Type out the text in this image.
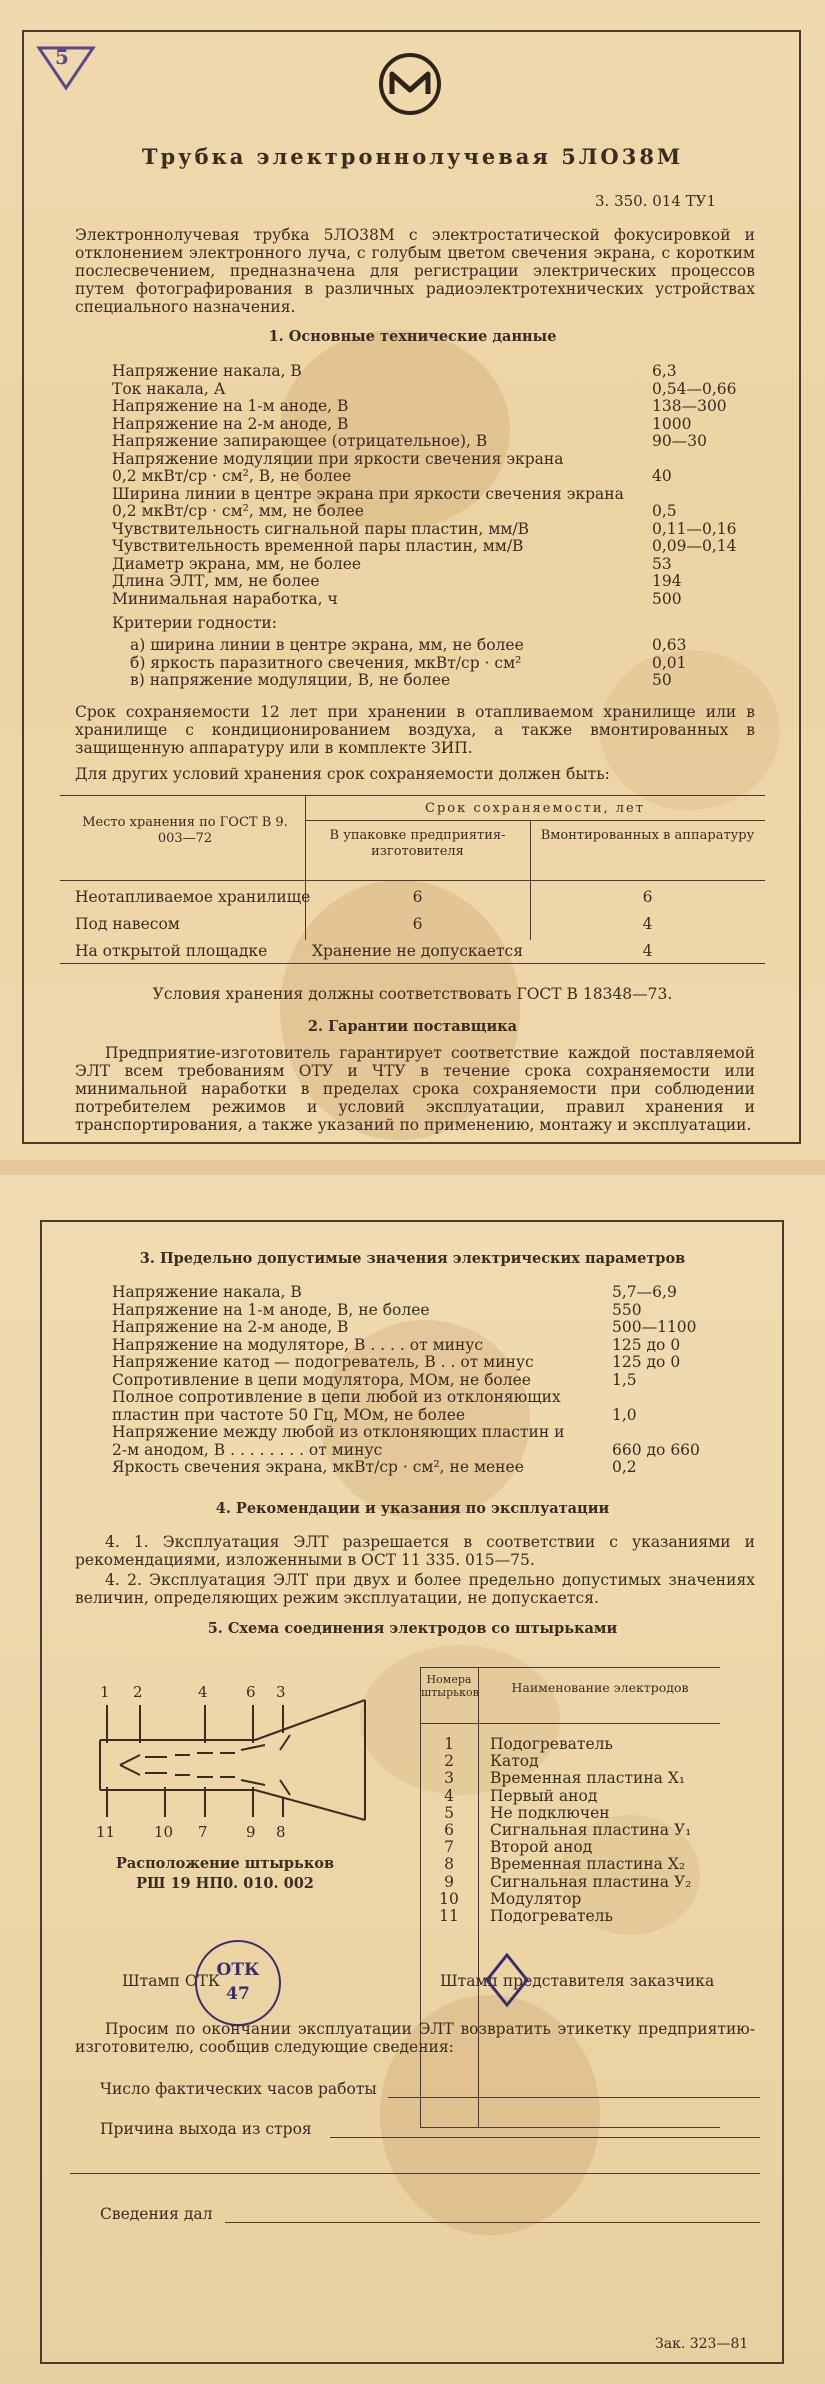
5
Трубка электроннолучевая 5ЛО38М
3. 350. 014 ТУ1
Электроннолучевая трубка 5ЛО38М с электростатической фокусировкой и отклонением электронного луча, с голубым цветом свечения экрана, с коротким послесвечением, предназначена для регистрации электрических процессов путем фотографирования в различных радиоэлектротехнических устройствах специального назначения.
1. Основные технические данные
Напряжение накала, В	6,3
Ток накала, А	0,54—0,66
Напряжение на 1-м аноде, В	138—300
Напряжение на 2-м аноде, В	1000
Напряжение запирающее (отрицательное), В	90—30
Напряжение модуляции при яркости свечения экрана
0,2 мкВт/ср · см², В, не более	40
Ширина линии в центре экрана при яркости свечения экрана
0,2 мкВт/ср · см², мм, не более	0,5
Чувствительность сигнальной пары пластин, мм/В	0,11—0,16
Чувствительность временной пары пластин, мм/В	0,09—0,14
Диаметр экрана, мм, не более	53
Длина ЭЛТ, мм, не более	194
Минимальная наработка, ч	500
Критерии годности:
а) ширина линии в центре экрана, мм, не более	0,63
б) яркость паразитного свечения, мкВт/ср · см²	0,01
в) напряжение модуляции, В, не более	50
Срок сохраняемости 12 лет при хранении в отапливаемом хранилище или в хранилище с кондиционированием воздуха, а также вмонтированных в защищенную аппаратуру или в комплекте ЗИП.
Для других условий хранения срок сохраняемости должен быть:
Место хранения по ГОСТ В 9. 003—72
Срок сохраняемости, лет
В упаковке предприятия-изготовителя
Вмонтированных в аппаратуру
Неотапливаемое хранилище	6	6
Под навесом	6	4
На открытой площадке	Хранение не допускается	4
Условия хранения должны соответствовать ГОСТ В 18348—73.
2. Гарантии поставщика
Предприятие-изготовитель гарантирует соответствие каждой поставляемой ЭЛТ всем требованиям ОТУ и ЧТУ в течение срока сохраняемости или минимальной наработки в пределах срока сохраняемости при соблюдении потребителем режимов и условий эксплуатации, правил хранения и транспортирования, а также указаний по применению, монтажу и эксплуатации.
3. Предельно допустимые значения электрических параметров
Напряжение накала, В	5,7—6,9
Напряжение на 1-м аноде, В, не более	550
Напряжение на 2-м аноде, В	500—1100
Напряжение на модуляторе, В . . . . от минус	125 до 0
Напряжение катод — подогреватель, В . . от минус	125 до 0
Сопротивление в цепи модулятора, МОм, не более	1,5
Полное сопротивление в цепи любой из отклоняющих
пластин при частоте 50 Гц, МОм, не более	1,0
Напряжение между любой из отклоняющих пластин и
2-м анодом, В . . . . . . . . от минус	660 до 660
Яркость свечения экрана, мкВт/ср · см², не менее	0,2
4. Рекомендации и указания по эксплуатации
4. 1. Эксплуатация ЭЛТ разрешается в соответствии с указаниями и рекомендациями, изложенными в ОСТ 11 335. 015—75.
4. 2. Эксплуатация ЭЛТ при двух и более предельно допустимых значениях величин, определяющих режим эксплуатации, не допускается.
5. Схема соединения электродов со штырьками
1 2	4	6 3
11	10 7	9 8
Расположение штырьков
РШ 19 НП0. 010. 002
Номера штырьков	Наименование электродов
1	Подогреватель
2	Катод
3	Временная пластина Х₁
4	Первый анод
5	Не подключен
6	Сигнальная пластина У₁
7	Второй анод
8	Временная пластина Х₂
9	Сигнальная пластина У₂
10	Модулятор
11	Подогреватель
Штамп ОТК	Штамп представителя заказчика
ОТК
47
Просим по окончании эксплуатации ЭЛТ возвратить этикетку предприятию-изготовителю, сообщив следующие сведения:
Число фактических часов работы
Причина выхода из строя
Сведения дал
Зак. 323—81
